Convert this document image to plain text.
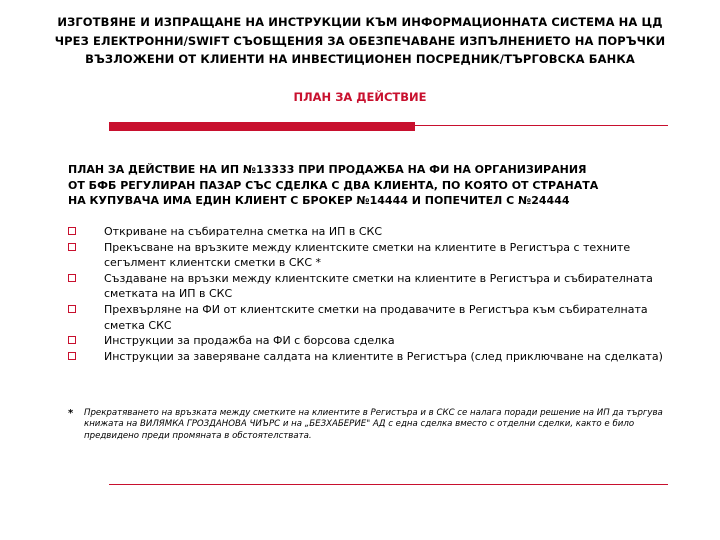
ИЗГОТВЯНЕ И ИЗПРАЩАНЕ НА ИНСТРУКЦИИ КЪМ ИНФОРМАЦИОННАТА СИСТЕМА НА ЦД
ЧРЕЗ ЕЛЕКТРОННИ/SWIFT СЪОБЩЕНИЯ ЗА ОБЕЗПЕЧАВАНЕ ИЗПЪЛНЕНИЕТО НА ПОРЪЧКИ
ВЪЗЛОЖЕНИ ОТ КЛИЕНТИ НА ИНВЕСТИЦИОНЕН ПОСРЕДНИК/ТЪРГОВСКА БАНКА
ПЛАН ЗА ДЕЙСТВИЕ
ПЛАН ЗА ДЕЙСТВИЕ НА ИП №13333 ПРИ ПРОДАЖБА НА ФИ НА ОРГАНИЗИРАНИЯ
ОТ БФБ РЕГУЛИРАН ПАЗАР СЪС СДЕЛКА С ДВА КЛИЕНТА, ПО КОЯТО ОТ СТРАНАТА
НА КУПУВАЧА ИМА ЕДИН КЛИЕНТ С БРОКЕР №14444 И ПОПЕЧИТЕЛ С №24444
Откриване на събирателна сметка на ИП в СКС
Прекъсване на връзките между клиентските сметки на клиентите в Регистъра с техните сегълмент клиентски сметки в СКС *
Създаване на връзки между клиентските сметки на клиентите в Регистъра и събирателната сметката на ИП в СКС
Прехвърляне на ФИ от клиентските сметки на продавачите в Регистъра към събирателната сметка СКС
Инструкции за продажба на ФИ с борсова сделка
Инструкции за заверяване салдата на клиентите в Регистъра (след приключване на сделката)
*	Прекратяването на връзката между сметките на клиентите в Регистъра и в СКС се налага поради решение на ИП да търгува книжата на ВИЛЯМКА ГРОЗДАНОВА ЧИЪРС и на „БЕЗХАБЕРИЕ" АД с една сделка вместо с отделни сделки, както е било предвидено преди промяната в обстоятелствата.
